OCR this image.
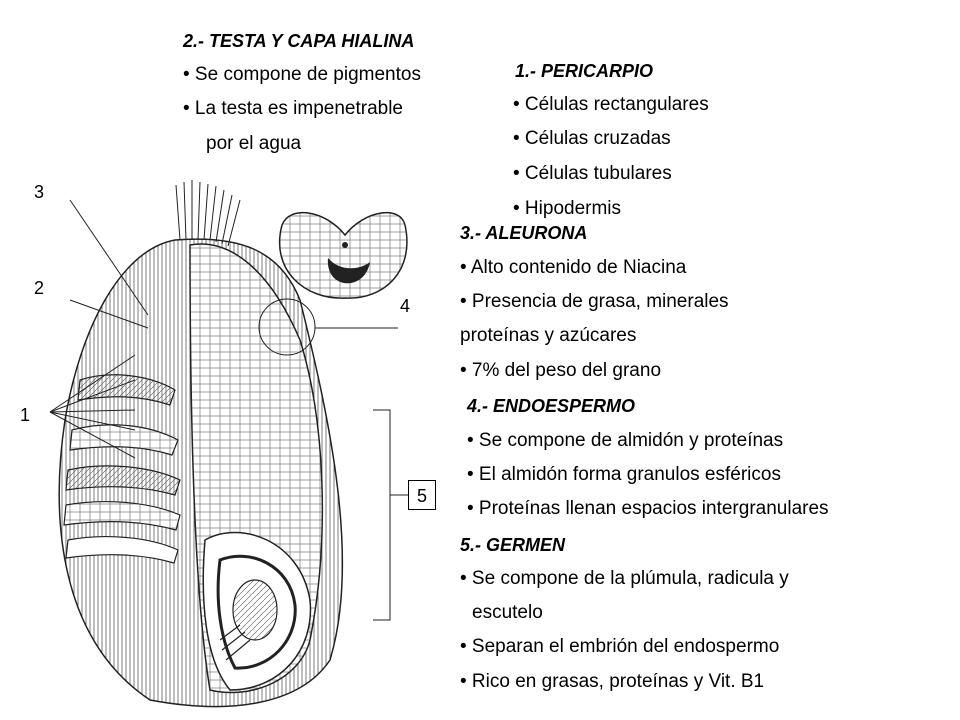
3
2
1
4
5
2.- TESTA Y CAPA HIALINA
• Se compone de pigmentos
• La testa es impenetrable
por el agua
1.- PERICARPIO
• Células rectangulares
• Células cruzadas
• Células tubulares
• Hipodermis
3.- ALEURONA
• Alto contenido de Niacina
• Presencia de grasa, minerales
proteínas y azúcares
• 7% del peso del grano
4.- ENDOESPERMO
• Se compone de almidón y proteínas
• El almidón forma granulos esféricos
• Proteínas llenan espacios intergranulares
5.- GERMEN
• Se compone de la plúmula, radicula y
escutelo
• Separan el embrión del endospermo
• Rico en grasas, proteínas y Vit. B1
